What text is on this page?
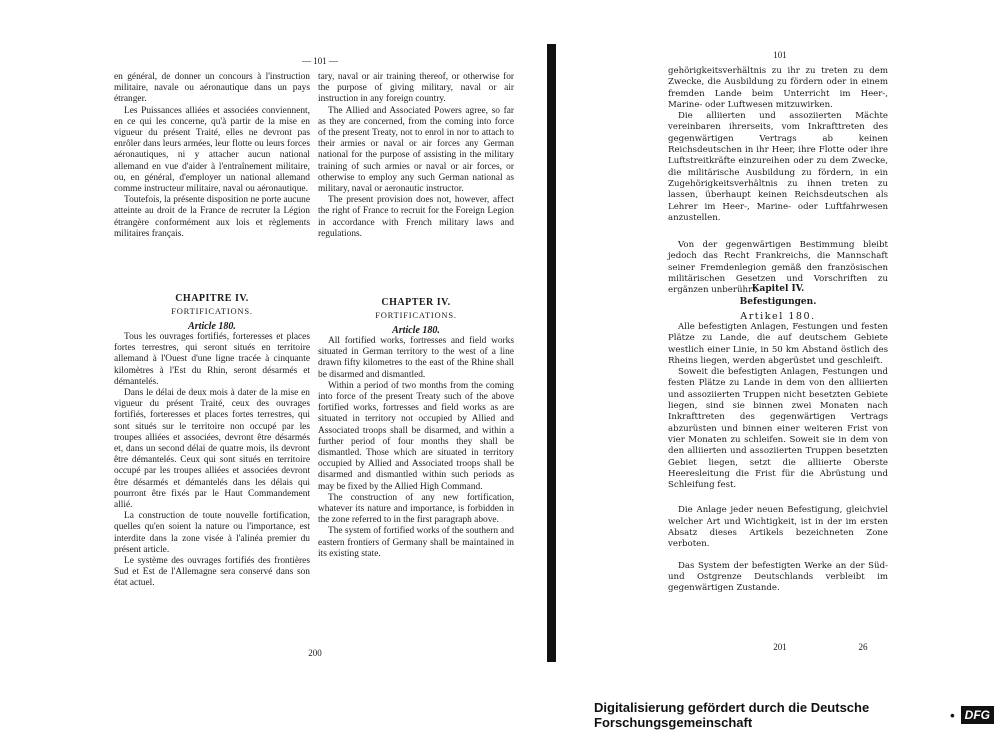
— 101 —

en général, de donner un concours à l'instruction militaire, navale ou aéronautique dans un pays étranger.

Les Puissances alliées et associées conviennent, en ce qui les concerne, qu'à partir de la mise en vigueur du présent Traité, elles ne devront pas enrôler dans leurs armées, leur flotte ou leurs forces aéronautiques, ni y attacher aucun national allemand en vue d'aider à l'entraînement militaire, ou, en général, d'employer un national allemand comme instructeur militaire, naval ou aéronautique.

Toutefois, la présente disposition ne porte aucune atteinte au droit de la France de recruter la Légion étrangère conformément aux lois et règlements militaires français.

tary, naval or air training thereof, or otherwise for the purpose of giving military, naval or air instruction in any foreign country.

The Allied and Associated Powers agree, so far as they are concerned, from the coming into force of the present Treaty, not to enrol in nor to attach to their armies or naval or air forces any German national for the purpose of assisting in the military training of such armies or naval or air forces, or otherwise to employ any such German national as military, naval or aeronautic instructor.

The present provision does not, however, affect the right of France to recruit for the Foreign Legion in accordance with French military laws and regulations.

CHAPITRE IV.
FORTIFICATIONS.
Article 180.

Tous les ouvrages fortifiés, forteresses et places fortes terrestres, qui seront situés en territoire allemand à l'Ouest d'une ligne tracée à cinquante kilomètres à l'Est du Rhin, seront désarmés et démantelés.

Dans le délai de deux mois à dater de la mise en vigueur du présent Traité, ceux des ouvrages fortifiés, forteresses et places fortes terrestres, qui sont situés sur le territoire non occupé par les troupes alliées et associées, devront être désarmés et, dans un second délai de quatre mois, ils devront être démantelés. Ceux qui sont situés en territoire occupé par les troupes alliées et associées devront être désarmés et démantelés dans les délais qui pourront être fixés par le Haut Commandement allié.

La construction de toute nouvelle fortification, quelles qu'en soient la nature ou l'importance, est interdite dans la zone visée à l'alinéa premier du présent article.

Le système des ouvrages fortifiés des frontières Sud et Est de l'Allemagne sera conservé dans son état actuel.

CHAPTER IV.
FORTIFICATIONS.
Article 180.

All fortified works, fortresses and field works situated in German territory to the west of a line drawn fifty kilometres to the east of the Rhine shall be disarmed and dismantled.

Within a period of two months from the coming into force of the present Treaty such of the above fortified works, fortresses and field works as are situated in territory not occupied by Allied and Associated troops shall be disarmed, and within a further period of four months they shall be dismantled. Those which are situated in territory occupied by Allied and Associated troops shall be disarmed and dismantled within such periods as may be fixed by the Allied High Command.

The construction of any new fortification, whatever its nature and importance, is forbidden in the zone referred to in the first paragraph above.

The system of fortified works of the southern and eastern frontiers of Germany shall be maintained in its existing state.

200
101

gehörigkeitsverhältnis zu ihr zu treten zu dem Zwecke, die Ausbildung zu fördern oder in einem fremden Lande beim Unterricht im Heer-, Marine- oder Luftwesen mitzuwirken.

Die alliierten und assoziierten Mächte vereinbaren ihrerseits, vom Inkrafttreten des gegenwärtigen Vertrags ab keinen Reichsdeutschen in ihr Heer, ihre Flotte oder ihre Luftstreitkräfte einzureihen oder zu dem Zwecke, die militärische Ausbildung zu fördern, in ein Zugehörigkeitsverhältnis zu ihnen treten zu lassen, überhaupt keinen Reichsdeutschen als Lehrer im Heer-, Marine- oder Luftfahrwesen anzustellen.

Von der gegenwärtigen Bestimmung bleibt jedoch das Recht Frankreichs, die Mannschaft seiner Fremdenlegion gemäß den französischen militärischen Gesetzen und Vorschriften zu ergänzen unberührt.

Kapitel IV.
Befestigungen.
Artikel 180.

Alle befestigten Anlagen, Festungen und festen Plätze zu Lande, die auf deutschem Gebiete westlich einer Linie, in 50 km Abstand östlich des Rheins liegen, werden abgerüstet und geschleift.

Soweit die befestigten Anlagen, Festungen und festen Plätze zu Lande in dem von den alliierten und assoziierten Truppen nicht besetzten Gebiete liegen, sind sie binnen zwei Monaten nach Inkrafttreten des gegenwärtigen Vertrags abzurüsten und binnen einer weiteren Frist von vier Monaten zu schleifen. Soweit sie in dem von den alliierten und assoziierten Truppen besetzten Gebiet liegen, setzt die alliierte Oberste Heeresleitung die Frist für die Abrüstung und Schleifung fest.

Die Anlage jeder neuen Befestigung, gleichviel welcher Art und Wichtigkeit, ist in der im ersten Absatz dieses Artikels bezeichneten Zone verboten.

Das System der befestigten Werke an der Süd- und Ostgrenze Deutschlands verbleibt im gegenwärtigen Zustande.

201	26
Digitalisierung gefördert durch die Deutsche Forschungsgemeinschaft	• DFG
